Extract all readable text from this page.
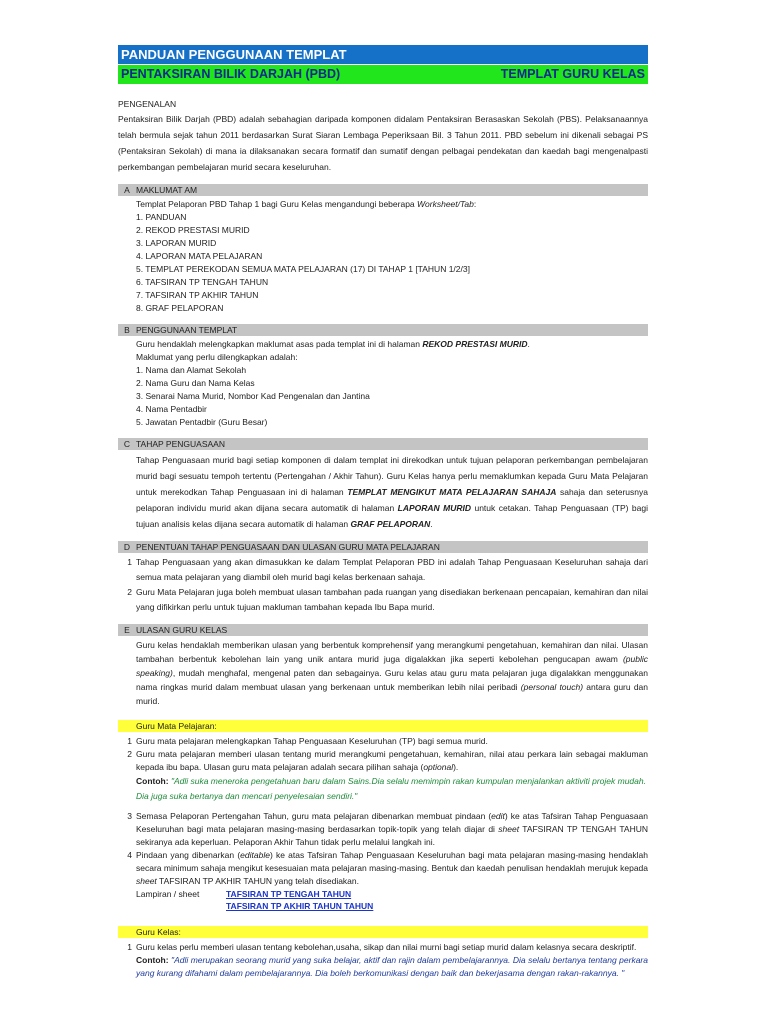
PANDUAN PENGGUNAAN TEMPLAT
PENTAKSIRAN BILIK DARJAH (PBD)	TEMPLAT GURU KELAS
PENGENALAN
Pentaksiran Bilik Darjah (PBD) adalah sebahagian daripada komponen didalam Pentaksiran Berasaskan Sekolah (PBS). Pelaksanaannya telah bermula sejak tahun 2011 berdasarkan Surat Siaran Lembaga Peperiksaan Bil. 3 Tahun 2011. PBD sebelum ini dikenali sebagai PS (Pentaksiran Sekolah) di mana ia dilaksanakan secara formatif dan sumatif dengan pelbagai pendekatan dan kaedah bagi mengenalpasti perkembangan pembelajaran murid secara keseluruhan.
A MAKLUMAT AM
Templat Pelaporan PBD Tahap 1 bagi Guru Kelas mengandungi beberapa Worksheet/Tab:
1. PANDUAN
2. REKOD PRESTASI MURID
3. LAPORAN MURID
4. LAPORAN MATA PELAJARAN
5. TEMPLAT PEREKODAN SEMUA MATA PELAJARAN (17) DI TAHAP 1 [TAHUN 1/2/3]
6. TAFSIRAN TP TENGAH TAHUN
7. TAFSIRAN TP AKHIR TAHUN
8. GRAF PELAPORAN
B PENGGUNAAN TEMPLAT
Guru hendaklah melengkapkan maklumat asas pada templat ini di halaman REKOD PRESTASI MURID.
Maklumat yang perlu dilengkapkan adalah:
1. Nama dan Alamat Sekolah
2. Nama Guru dan Nama Kelas
3. Senarai Nama Murid, Nombor Kad Pengenalan dan Jantina
4. Nama Pentadbir
5. Jawatan Pentadbir (Guru Besar)
C TAHAP PENGUASAAN
Tahap Penguasaan murid bagi setiap komponen di dalam templat ini direkodkan untuk tujuan pelaporan perkembangan pembelajaran murid bagi sesuatu tempoh tertentu (Pertengahan / Akhir Tahun). Guru Kelas hanya perlu memaklumkan kepada Guru Mata Pelajaran untuk merekodkan Tahap Penguasaan ini di halaman TEMPLAT MENGIKUT MATA PELAJARAN SAHAJA sahaja dan seterusnya pelaporan individu murid akan dijana secara automatik di halaman LAPORAN MURID untuk cetakan. Tahap Penguasaan (TP) bagi tujuan analisis kelas dijana secara automatik di halaman GRAF PELAPORAN.
D PENENTUAN TAHAP PENGUASAAN DAN ULASAN GURU MATA PELAJARAN
1 Tahap Penguasaan yang akan dimasukkan ke dalam Templat Pelaporan PBD ini adalah Tahap Penguasaan Keseluruhan sahaja dari semua mata pelajaran yang diambil oleh murid bagi kelas berkenaan sahaja.
2 Guru Mata Pelajaran juga boleh membuat ulasan tambahan pada ruangan yang disediakan berkenaan pencapaian, kemahiran dan nilai yang difikirkan perlu untuk tujuan makluman tambahan kepada Ibu Bapa murid.
E ULASAN GURU KELAS
Guru kelas hendaklah memberikan ulasan yang berbentuk komprehensif yang merangkumi pengetahuan, kemahiran dan nilai. Ulasan tambahan berbentuk kebolehan lain yang unik antara murid juga digalakkan jika seperti kebolehan pengucapan awam (public speaking), mudah menghafal, mengenal paten dan sebagainya. Guru kelas atau guru mata pelajaran juga digalakkan menggunakan nama ringkas murid dalam membuat ulasan yang berkenaan untuk memberikan lebih nilai peribadi (personal touch) antara guru dan murid.
Guru Mata Pelajaran:
1 Guru mata pelajaran melengkapkan Tahap Penguasaan Keseluruhan (TP) bagi semua murid.
2 Guru mata pelajaran memberi ulasan tentang murid merangkumi pengetahuan, kemahiran, nilai atau perkara lain sebagai makluman kepada ibu bapa. Ulasan guru mata pelajaran adalah secara pilihan sahaja (optional).
Contoh: "Adli suka meneroka pengetahuan baru dalam Sains.Dia selalu memimpin rakan kumpulan menjalankan aktiviti projek mudah. Dia juga suka bertanya dan mencari penyelesaian sendiri."
3 Semasa Pelaporan Pertengahan Tahun, guru mata pelajaran dibenarkan membuat pindaan (edit) ke atas Tafsiran Tahap Penguasaan Keseluruhan bagi mata pelajaran masing-masing berdasarkan topik-topik yang telah diajar di sheet TAFSIRAN TP TENGAH TAHUN sekiranya ada keperluan. Pelaporan Akhir Tahun tidak perlu melalui langkah ini.
4 Pindaan yang dibenarkan (editable) ke atas Tafsiran Tahap Penguasaan Keseluruhan bagi mata pelajaran masing-masing hendaklah secara minimum sahaja mengikut kesesuaian mata pelajaran masing-masing. Bentuk dan kaedah penulisan hendaklah merujuk kepada sheet TAFSIRAN TP AKHIR TAHUN yang telah disediakan.
Lampiran / sheet	TAFSIRAN TP TENGAH TAHUN
TAFSIRAN TP AKHIR TAHUN TAHUN
Guru Kelas:
1 Guru kelas perlu memberi ulasan tentang kebolehan,usaha, sikap dan nilai murni bagi setiap murid dalam kelasnya secara deskriptif.
Contoh: "Adli merupakan seorang murid yang suka belajar, aktif dan rajin dalam pembelajarannya. Dia selalu bertanya tentang perkara yang kurang difahami dalam pembelajarannya. Dia boleh berkomunikasi dengan baik dan bekerjasama dengan rakan-rakannya. "
